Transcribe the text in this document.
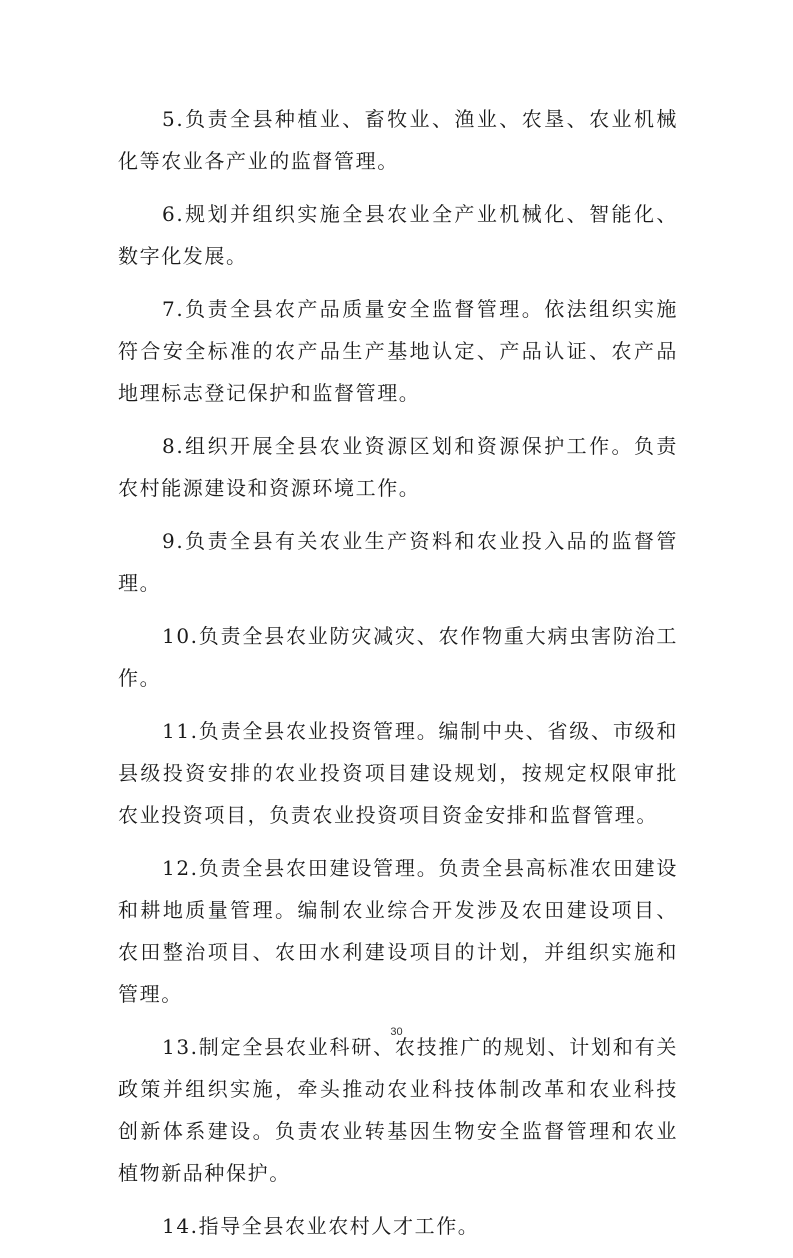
5.负责全县种植业、畜牧业、渔业、农垦、农业机械化等农业各产业的监督管理。

6.规划并组织实施全县农业全产业机械化、智能化、数字化发展。

7.负责全县农产品质量安全监督管理。依法组织实施符合安全标准的农产品生产基地认定、产品认证、农产品地理标志登记保护和监督管理。

8.组织开展全县农业资源区划和资源保护工作。负责农村能源建设和资源环境工作。

9.负责全县有关农业生产资料和农业投入品的监督管理。

10.负责全县农业防灾减灾、农作物重大病虫害防治工作。

11.负责全县农业投资管理。编制中央、省级、市级和县级投资安排的农业投资项目建设规划，按规定权限审批农业投资项目，负责农业投资项目资金安排和监督管理。

12.负责全县农田建设管理。负责全县高标准农田建设和耕地质量管理。编制农业综合开发涉及农田建设项目、农田整治项目、农田水利建设项目的计划，并组织实施和管理。

13.制定全县农业科研、农技推广的规划、计划和有关政策并组织实施，牵头推动农业科技体制改革和农业科技创新体系建设。负责农业转基因生物安全监督管理和农业植物新品种保护。

14.指导全县农业农村人才工作。

30
